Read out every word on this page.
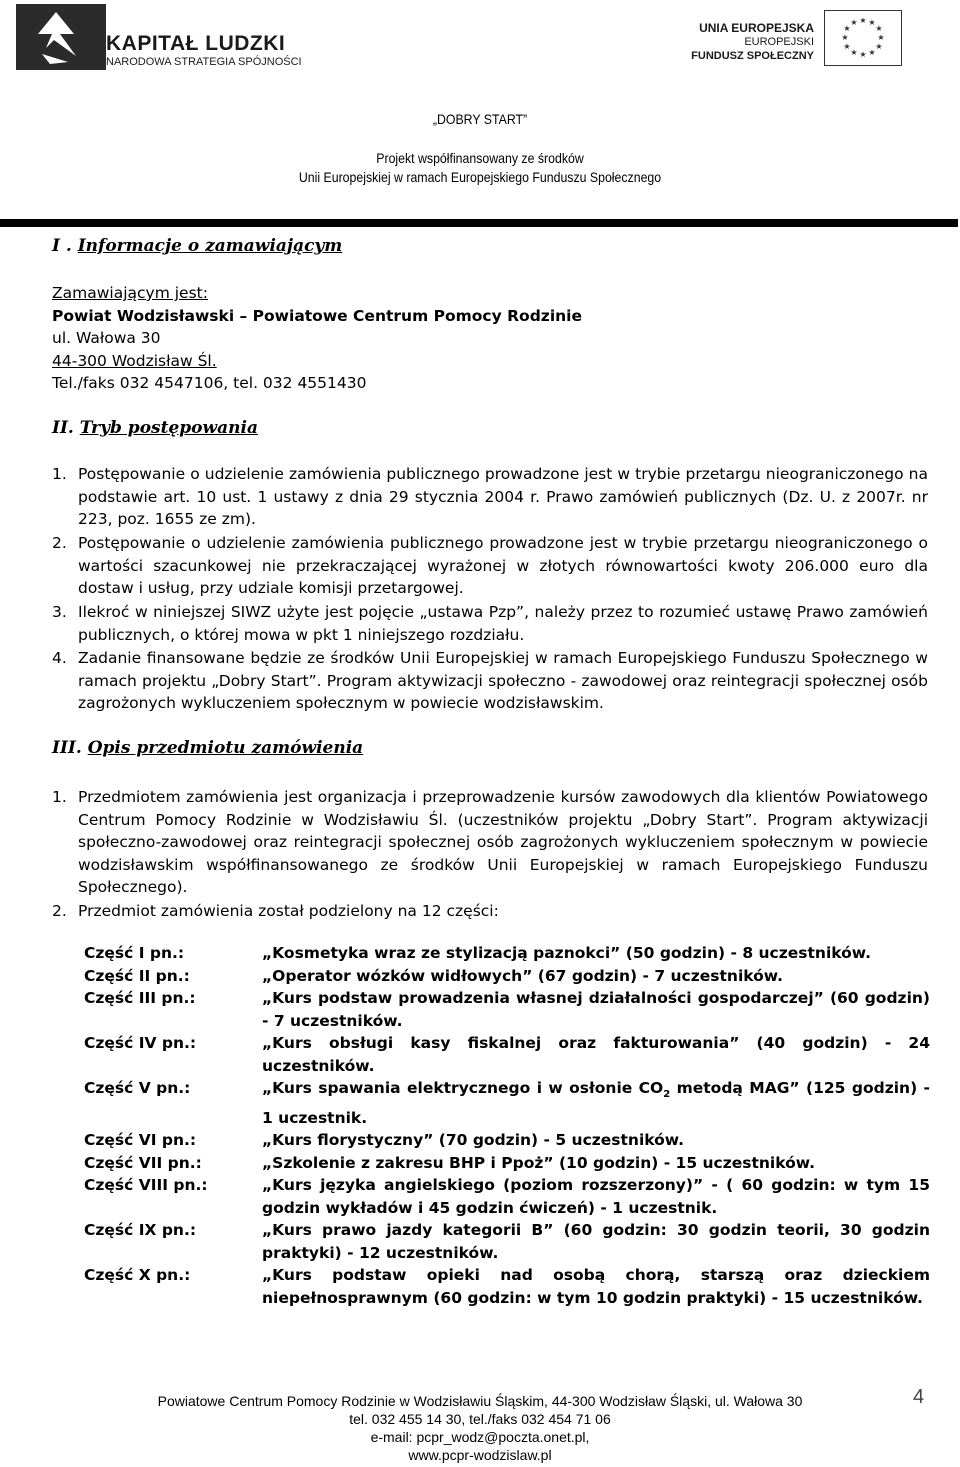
KAPITAŁ LUDZKI
NARODOWA STRATEGIA SPÓJNOŚCI
UNIA EUROPEJSKA
EUROPEJSKI
FUNDUSZ SPOŁECZNY
★ ★
★
★
★
★
★
★
★
★
★
★
„DOBRY START”
Projekt współfinansowany ze środków
Unii Europejskiej w ramach Europejskiego Funduszu Społecznego
I . Informacje o zamawiającym
Zamawiającym jest:
Powiat Wodzisławski – Powiatowe Centrum Pomocy Rodzinie
ul. Wałowa 30
44-300 Wodzisław Śl.
Tel./faks 032 4547106, tel. 032 4551430
II. Tryb postępowania
1. Postępowanie o udzielenie zamówienia publicznego prowadzone jest w trybie przetargu nieograniczonego na podstawie art. 10 ust. 1 ustawy z dnia 29 stycznia 2004 r. Prawo zamówień publicznych (Dz. U. z 2007r. nr 223, poz. 1655 ze zm).
2. Postępowanie o udzielenie zamówienia publicznego prowadzone jest w trybie przetargu nieograniczonego o wartości szacunkowej nie przekraczającej wyrażonej w złotych równowartości kwoty 206.000 euro dla dostaw i usług, przy udziale komisji przetargowej.
3. Ilekroć w niniejszej SIWZ użyte jest pojęcie „ustawa Pzp”, należy przez to rozumieć ustawę Prawo zamówień publicznych, o której mowa w pkt 1 niniejszego rozdziału.
4. Zadanie finansowane będzie ze środków Unii Europejskiej w ramach Europejskiego Funduszu Społecznego w ramach projektu „Dobry Start”. Program aktywizacji społeczno - zawodowej oraz reintegracji społecznej osób zagrożonych wykluczeniem społecznym w powiecie wodzisławskim.
III. Opis przedmiotu zamówienia
1. Przedmiotem zamówienia jest organizacja i przeprowadzenie kursów zawodowych dla klientów Powiatowego Centrum Pomocy Rodzinie w Wodzisławiu Śl. (uczestników projektu „Dobry Start”. Program aktywizacji społeczno-zawodowej oraz reintegracji społecznej osób zagrożonych wykluczeniem społecznym w powiecie wodzisławskim współfinansowanego ze środków Unii Europejskiej w ramach Europejskiego Funduszu Społecznego).
2. Przedmiot zamówienia został podzielony na 12 części:
Część I pn.:	„Kosmetyka wraz ze stylizacją paznokci” (50 godzin) - 8 uczestników.
Część II pn.:	„Operator wózków widłowych” (67 godzin) - 7 uczestników.
Część III pn.:	„Kurs podstaw prowadzenia własnej działalności gospodarczej” (60 godzin) - 7 uczestników.
Część IV pn.:	„Kurs obsługi kasy fiskalnej oraz fakturowania” (40 godzin) - 24 uczestników.
Część V pn.:	„Kurs spawania elektrycznego i w osłonie $CO_2$ metodą MAG” (125 godzin) - 1 uczestnik.
Część VI pn.:	„Kurs florystyczny” (70 godzin) - 5 uczestników.
Część VII pn.:	„Szkolenie z zakresu BHP i Ppoż” (10 godzin) - 15 uczestników.
Część VIII pn.:	„Kurs języka angielskiego (poziom rozszerzony)” - ( 60 godzin: w tym 15 godzin wykładów i 45 godzin ćwiczeń) - 1 uczestnik.
Część IX pn.:	„Kurs prawo jazdy kategorii B” (60 godzin: 30 godzin teorii, 30 godzin praktyki) - 12 uczestników.
Część X pn.:	„Kurs podstaw opieki nad osobą chorą, starszą oraz dzieckiem niepełnosprawnym (60 godzin: w tym 10 godzin praktyki) - 15 uczestników.
Powiatowe Centrum Pomocy Rodzinie w Wodzisławiu Śląskim, 44-300 Wodzisław Śląski, ul. Wałowa 30
tel. 032 455 14 30, tel./faks 032 454 71 06
e-mail: pcpr_wodz@poczta.onet.pl,
www.pcpr-wodzislaw.pl
4
